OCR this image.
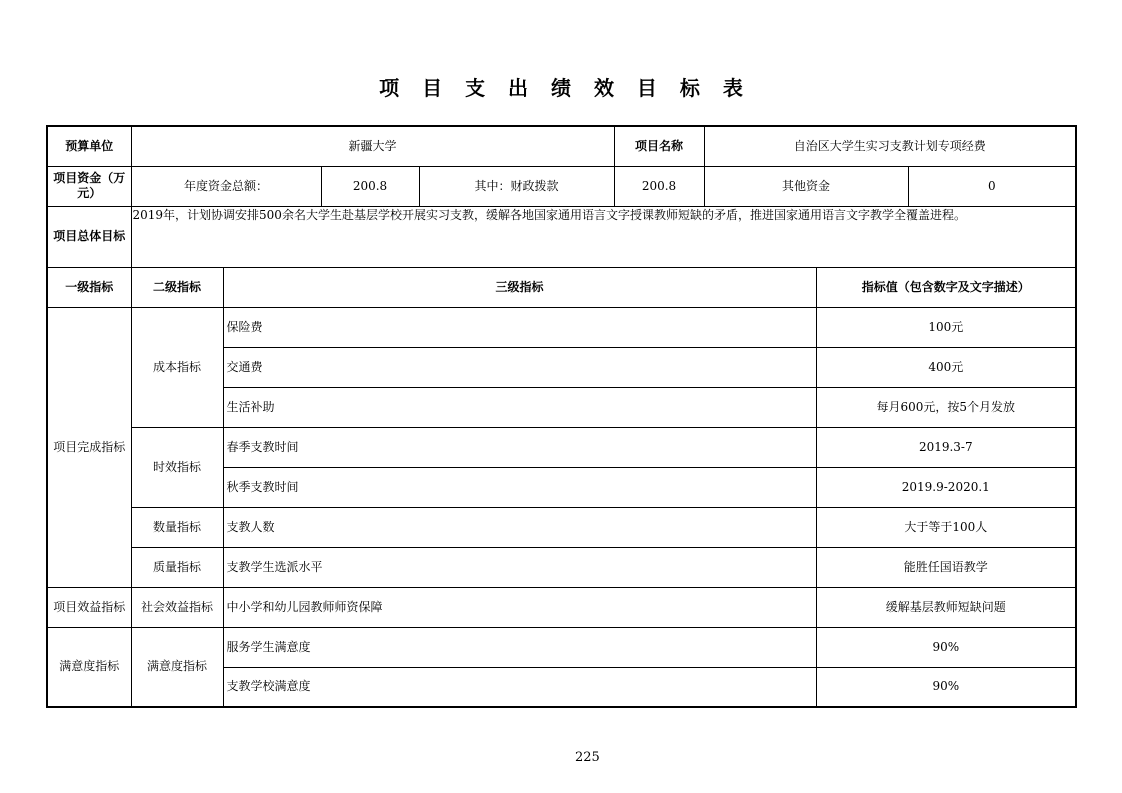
项 目 支 出 绩 效 目 标 表
预算单位	新疆大学				项目名称	自治区大学生实习支教计划专项经费		
项目资金（万元）	年度资金总额：		200.8	其中：财政拨款	200.8	其他资金		0
项目总体目标	2019年，计划协调安排500余名大学生赴基层学校开展实习支教，缓解各地国家通用语言文字授课教师短缺的矛盾，推进国家通用语言文字教学全覆盖进程。							
一级指标	二级指标	三级指标					指标值（包含数字及文字描述）	
项目完成指标	成本指标	保险费					100元	
		交通费					400元	
		生活补助					每月600元，按5个月发放	
	时效指标	春季支教时间					2019.3-7	
		秋季支教时间					2019.9-2020.1	
	数量指标	支教人数					大于等于100人	
	质量指标	支教学生选派水平					能胜任国语教学	
项目效益指标	社会效益指标	中小学和幼儿园教师师资保障					缓解基层教师短缺问题	
满意度指标	满意度指标	服务学生满意度					90%	
		支教学校满意度					90%	
225
